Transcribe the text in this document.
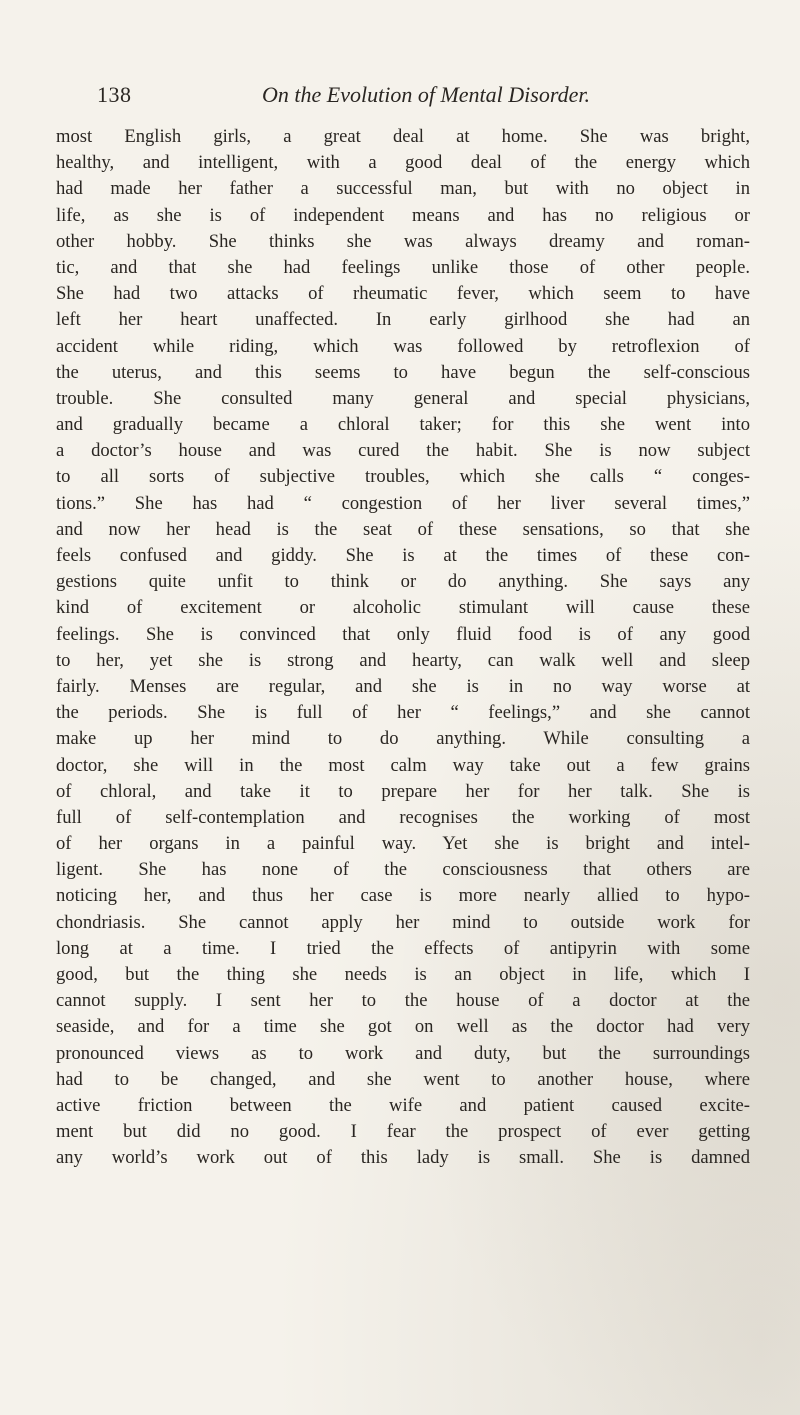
138	On the Evolution of Mental Disorder.
most English girls, a great deal at home. She was bright,
healthy, and intelligent, with a good deal of the energy which
had made her father a successful man, but with no object in
life, as she is of independent means and has no religious or
other hobby. She thinks she was always dreamy and roman-
tic, and that she had feelings unlike those of other people.
She had two attacks of rheumatic fever, which seem to have
left her heart unaffected. In early girlhood she had an
accident while riding, which was followed by retroflexion of
the uterus, and this seems to have begun the self-conscious
trouble. She consulted many general and special physicians,
and gradually became a chloral taker; for this she went into
a doctor’s house and was cured the habit. She is now subject
to all sorts of subjective troubles, which she calls “ conges-
tions.” She has had “ congestion of her liver several times,”
and now her head is the seat of these sensations, so that she
feels confused and giddy. She is at the times of these con-
gestions quite unfit to think or do anything. She says any
kind of excitement or alcoholic stimulant will cause these
feelings. She is convinced that only fluid food is of any good
to her, yet she is strong and hearty, can walk well and sleep
fairly. Menses are regular, and she is in no way worse at
the periods. She is full of her “ feelings,” and she cannot
make up her mind to do anything. While consulting a
doctor, she will in the most calm way take out a few grains
of chloral, and take it to prepare her for her talk. She is
full of self-contemplation and recognises the working of most
of her organs in a painful way. Yet she is bright and intel-
ligent. She has none of the consciousness that others are
noticing her, and thus her case is more nearly allied to hypo-
chondriasis. She cannot apply her mind to outside work for
long at a time. I tried the effects of antipyrin with some
good, but the thing she needs is an object in life, which I
cannot supply. I sent her to the house of a doctor at the
seaside, and for a time she got on well as the doctor had very
pronounced views as to work and duty, but the surroundings
had to be changed, and she went to another house, where
active friction between the wife and patient caused excite-
ment but did no good. I fear the prospect of ever getting
any world’s work out of this lady is small. She is damned
